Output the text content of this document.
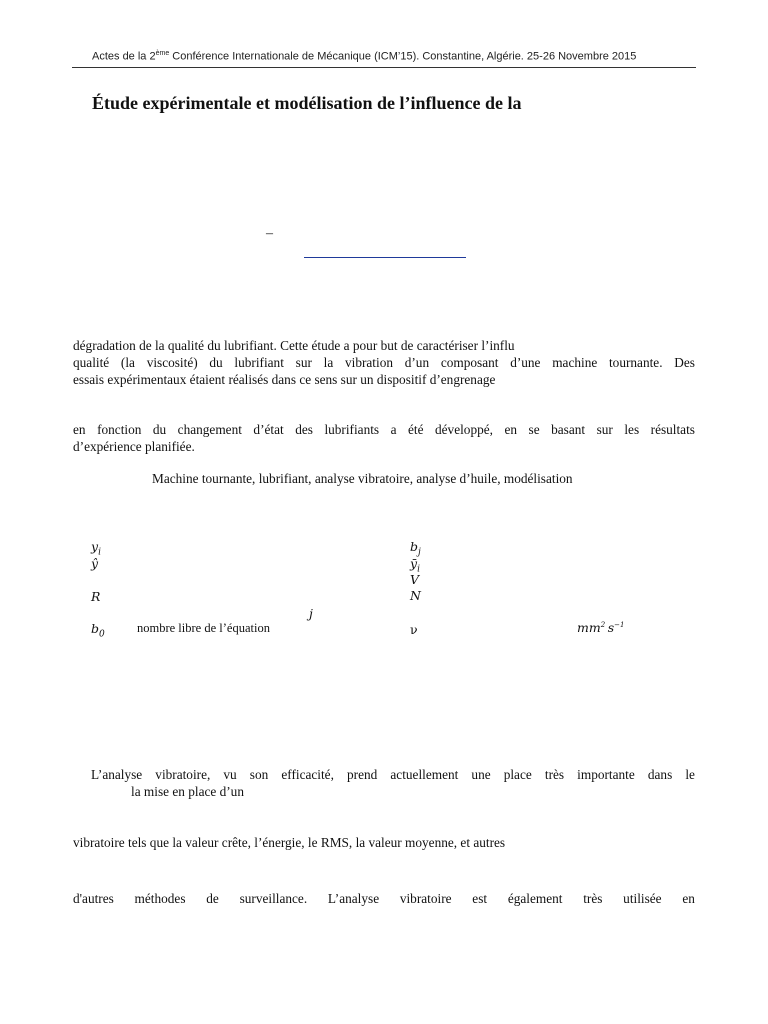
Actes de la 2ème Conférence Internationale de Mécanique (ICM’15). Constantine, Algérie. 25-26 Novembre 2015
Étude expérimentale et modélisation de l’influence de la
–
dégradation de la qualité du lubrifiant. Cette étude a pour but de caractériser l’influ
qualité (la viscosité) du lubrifiant sur la vibration d’un composant d’une machine tournante. Des
essais expérimentaux étaient réalisés dans ce sens sur un dispositif d’engrenage
en fonction du changement d’état des lubrifiants a été développé, en se basant sur les résultats
d’expérience planifiée.
Machine tournante, lubrifiant, analyse vibratoire, analyse d’huile, modélisation
$y_i$
ŷ
R
$b_0$	nombre libre de l’équation
j
$b_j$
$ȳ_i$
V
N
ν	$mm^2$  $s^{-1}$
L’analyse vibratoire, vu son efficacité, prend actuellement une place très importante dans le
la mise en place d’un
vibratoire tels que la valeur crête, l’énergie, le RMS, la valeur moyenne, et autres
d'autres méthodes de surveillance. L’analyse vibratoire est également très utilisée en
